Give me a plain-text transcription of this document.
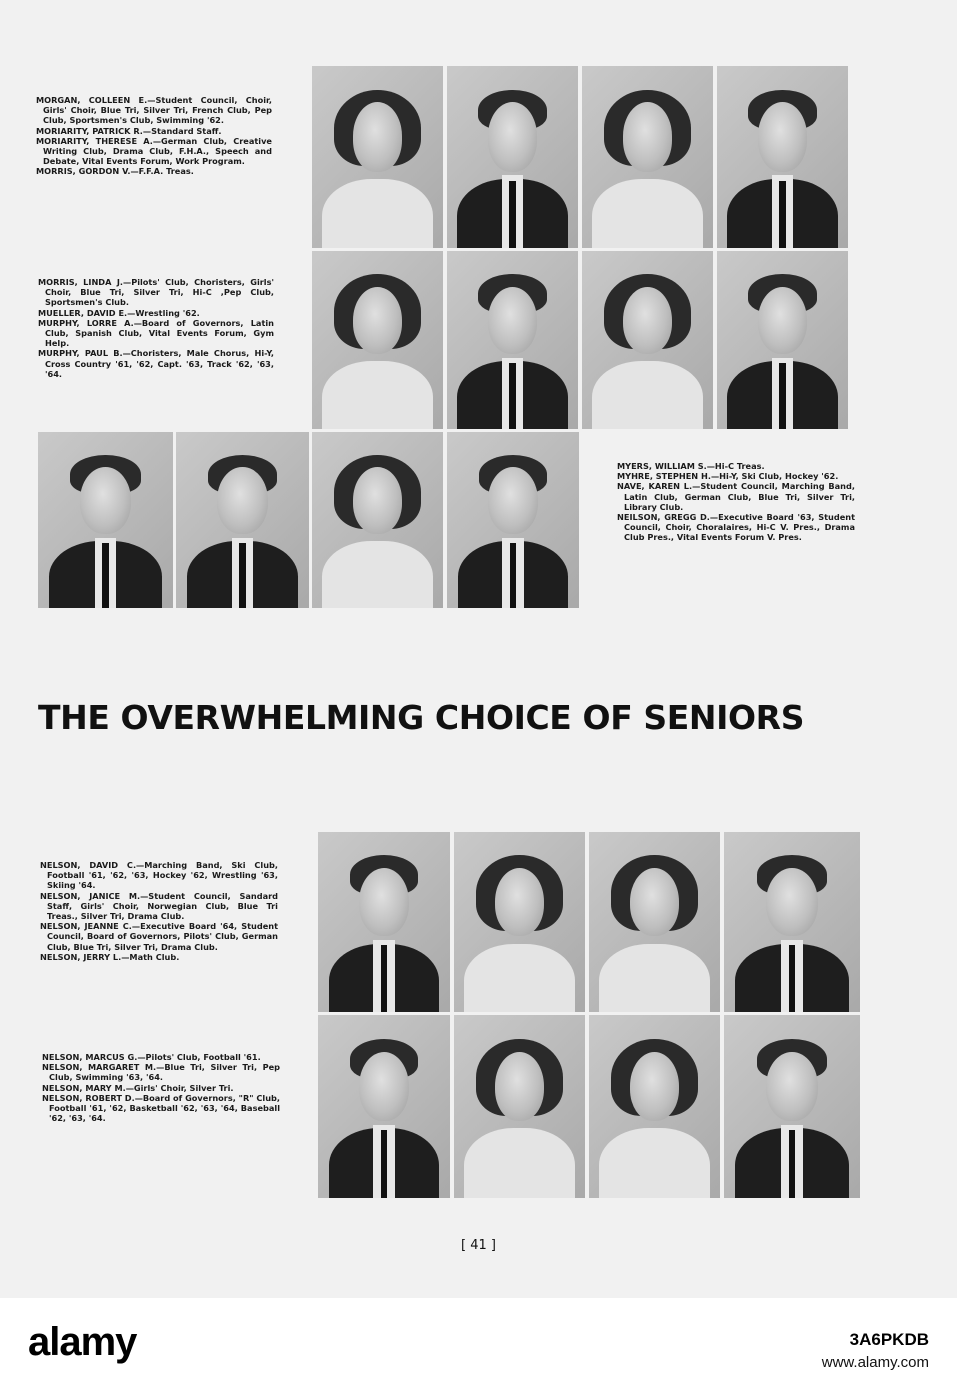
MORGAN, COLLEEN E.—Student Council, Choir, Girls' Choir, Blue Tri, Silver Tri, French Club, Pep Club, Sportsmen's Club, Swimming '62.

MORIARITY, PATRICK R.—Standard Staff.

MORIARITY, THERESE A.—German Club, Creative Writing Club, Drama Club, F.H.A., Speech and Debate, Vital Events Forum, Work Program.

MORRIS, GORDON V.—F.F.A. Treas.

MORRIS, LINDA J.—Pilots' Club, Choristers, Girls' Choir, Blue Tri, Silver Tri, Hi-C ,Pep Club, Sportsmen's Club.

MUELLER, DAVID E.—Wrestling '62.

MURPHY, LORRE A.—Board of Governors, Latin Club, Spanish Club, Vital Events Forum, Gym Help.

MURPHY, PAUL B.—Choristers, Male Chorus, Hi-Y, Cross Country '61, '62, Capt. '63, Track '62, '63, '64.

MYERS, WILLIAM S.—Hi-C Treas.

MYHRE, STEPHEN H.—Hi-Y, Ski Club, Hockey '62.

NAVE, KAREN L.—Student Council, Marching Band, Latin Club, German Club, Blue Tri, Silver Tri, Library Club.

NEILSON, GREGG D.—Executive Board '63, Student Council, Choir, Choralaires, Hi-C V. Pres., Drama Club Pres., Vital Events Forum V. Pres.

NELSON, DAVID C.—Marching Band, Ski Club, Football '61, '62, '63, Hockey '62, Wrestling '63, Skiing '64.

NELSON, JANICE M.—Student Council, Sandard Staff, Girls' Choir, Norwegian Club, Blue Tri Treas., Silver Tri, Drama Club.

NELSON, JEANNE C.—Executive Board '64, Student Council, Board of Governors, Pilots' Club, German Club, Blue Tri, Silver Tri, Drama Club.

NELSON, JERRY L.—Math Club.

NELSON, MARCUS G.—Pilots' Club, Football '61.

NELSON, MARGARET M.—Blue Tri, Silver Tri, Pep Club, Swimming '63, '64.

NELSON, MARY M.—Girls' Choir, Silver Tri.

NELSON, ROBERT D.—Board of Governors, "R" Club, Football '61, '62, Basketball '62, '63, '64, Baseball '62, '63, '64.

THE OVERWHELMING CHOICE OF SENIORS
[ 41 ]
alamy	3A6PKDB
www.alamy.com
